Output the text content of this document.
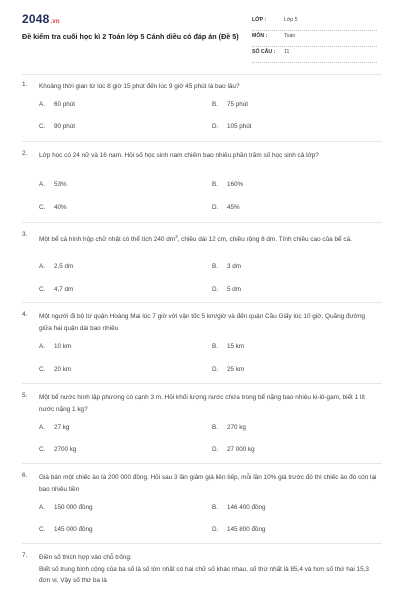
2048.vn
Đề kiểm tra cuối học kì 2 Toán lớp 5 Cánh diều có đáp án (Đề 5)
LỚP :	Lớp 5
MÔN :	Toán
SỐ CÂU : 11
1. Khoảng thời gian từ lúc 8 giờ 15 phút đến lúc 9 giờ 45 phút là bao lâu?
A. 60 phút	B. 75 phút
C. 90 phút	D. 105 phút
2. Lớp học có 24 nữ và 16 nam. Hỏi số học sinh nam chiếm bao nhiêu phần trăm số học sinh cả lớp?
A. 53%	B. 160%
C. 40%	D. 45%
3.
Một bể cá hình hộp chữ nhật có thể tích 240 $dm^3$, chiều dài 12 cm, chiều rộng 8 dm. Tính chiều cao của bể cá.
A. 2,5 dm	B. 3 dm
C. 4,7 dm	D. 5 dm
4. Một người đi bộ từ quận Hoàng Mai lúc 7 giờ với vận tốc 5 km/giờ và đến quận Cầu Giấy lúc 10 giờ. Quãng đường giữa hai quận dài bao nhiêu
A. 10 km	B. 15 km
C. 20 km	D. 25 km
5. Một bể nước hình lập phương có cạnh 3 m. Hỏi khối lượng nước chứa trong bể nặng bao nhiêu ki-lô-gam, biết 1 lít nước nặng 1 kg?
A. 27 kg	B. 270 kg
C. 2700 kg	D. 27 000 kg
6. Giá bán một chiếc áo là 200 000 đồng. Hỏi sau 3 lần giảm giá liên tiếp, mỗi lần 10% giá trước đó thì chiếc áo đó còn lại bao nhiêu tiền
A. 150 000 đồng	B. 146 400 đồng
C. 145 000 đồng	D. 145 800 đồng
7. Điền số thích hợp vào chỗ trống:
Biết số trung bình cộng của ba số là số lớn nhất có hai chữ số khác nhau, số thứ nhất là 85,4 và hơn số thứ hai 15,3 đơn vị. Vậy số thứ ba là
